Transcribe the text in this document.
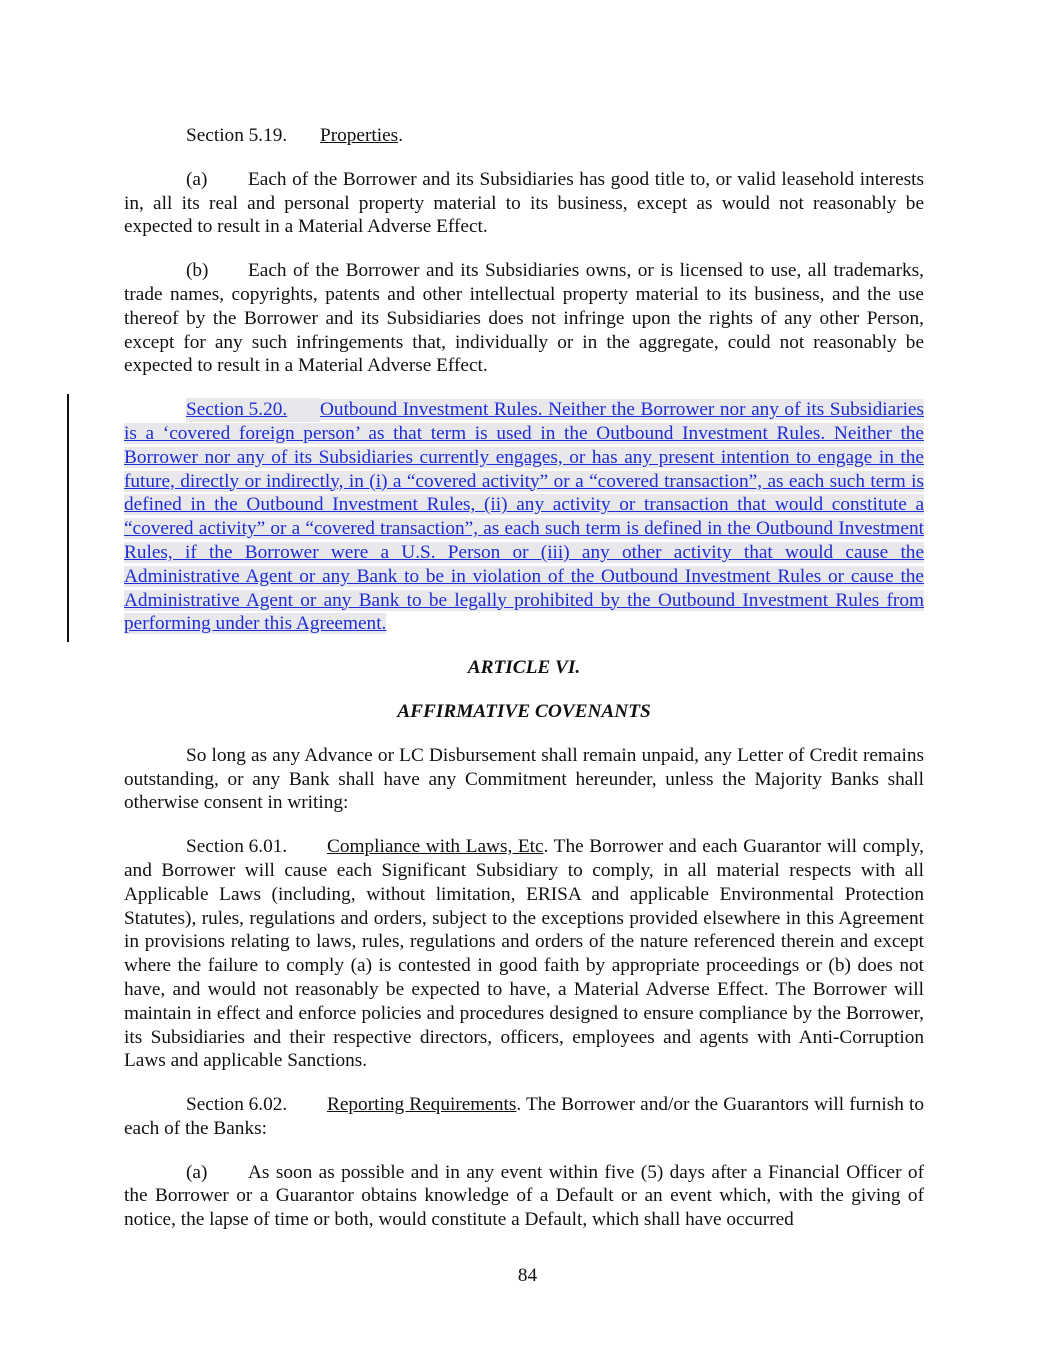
Section 5.19. Properties.

(a) Each of the Borrower and its Subsidiaries has good title to, or valid leasehold interests in, all its real and personal property material to its business, except as would not reasonably be expected to result in a Material Adverse Effect.

(b) Each of the Borrower and its Subsidiaries owns, or is licensed to use, all trademarks, trade names, copyrights, patents and other intellectual property material to its business, and the use thereof by the Borrower and its Subsidiaries does not infringe upon the rights of any other Person, except for any such infringements that, individually or in the aggregate, could not reasonably be expected to result in a Material Adverse Effect.

Section 5.20. Outbound Investment Rules. Neither the Borrower nor any of its Subsidiaries is a ‘covered foreign person’ as that term is used in the Outbound Investment Rules. Neither the Borrower nor any of its Subsidiaries currently engages, or has any present intention to engage in the future, directly or indirectly, in (i) a “covered activity” or a “covered transaction”, as each such term is defined in the Outbound Investment Rules, (ii) any activity or transaction that would constitute a “covered activity” or a “covered transaction”, as each such term is defined in the Outbound Investment Rules, if the Borrower were a U.S. Person or (iii) any other activity that would cause the Administrative Agent or any Bank to be in violation of the Outbound Investment Rules or cause the Administrative Agent or any Bank to be legally prohibited by the Outbound Investment Rules from performing under this Agreement.

ARTICLE VI.

AFFIRMATIVE COVENANTS

So long as any Advance or LC Disbursement shall remain unpaid, any Letter of Credit remains outstanding, or any Bank shall have any Commitment hereunder, unless the Majority Banks shall otherwise consent in writing:

Section 6.01. Compliance with Laws, Etc. The Borrower and each Guarantor will comply, and Borrower will cause each Significant Subsidiary to comply, in all material respects with all Applicable Laws (including, without limitation, ERISA and applicable Environmental Protection Statutes), rules, regulations and orders, subject to the exceptions provided elsewhere in this Agreement in provisions relating to laws, rules, regulations and orders of the nature referenced therein and except where the failure to comply (a) is contested in good faith by appropriate proceedings or (b) does not have, and would not reasonably be expected to have, a Material Adverse Effect. The Borrower will maintain in effect and enforce policies and procedures designed to ensure compliance by the Borrower, its Subsidiaries and their respective directors, officers, employees and agents with Anti-Corruption Laws and applicable Sanctions.

Section 6.02. Reporting Requirements. The Borrower and/or the Guarantors will furnish to each of the Banks:

(a) As soon as possible and in any event within five (5) days after a Financial Officer of the Borrower or a Guarantor obtains knowledge of a Default or an event which, with the giving of notice, the lapse of time or both, would constitute a Default, which shall have occurred

84
